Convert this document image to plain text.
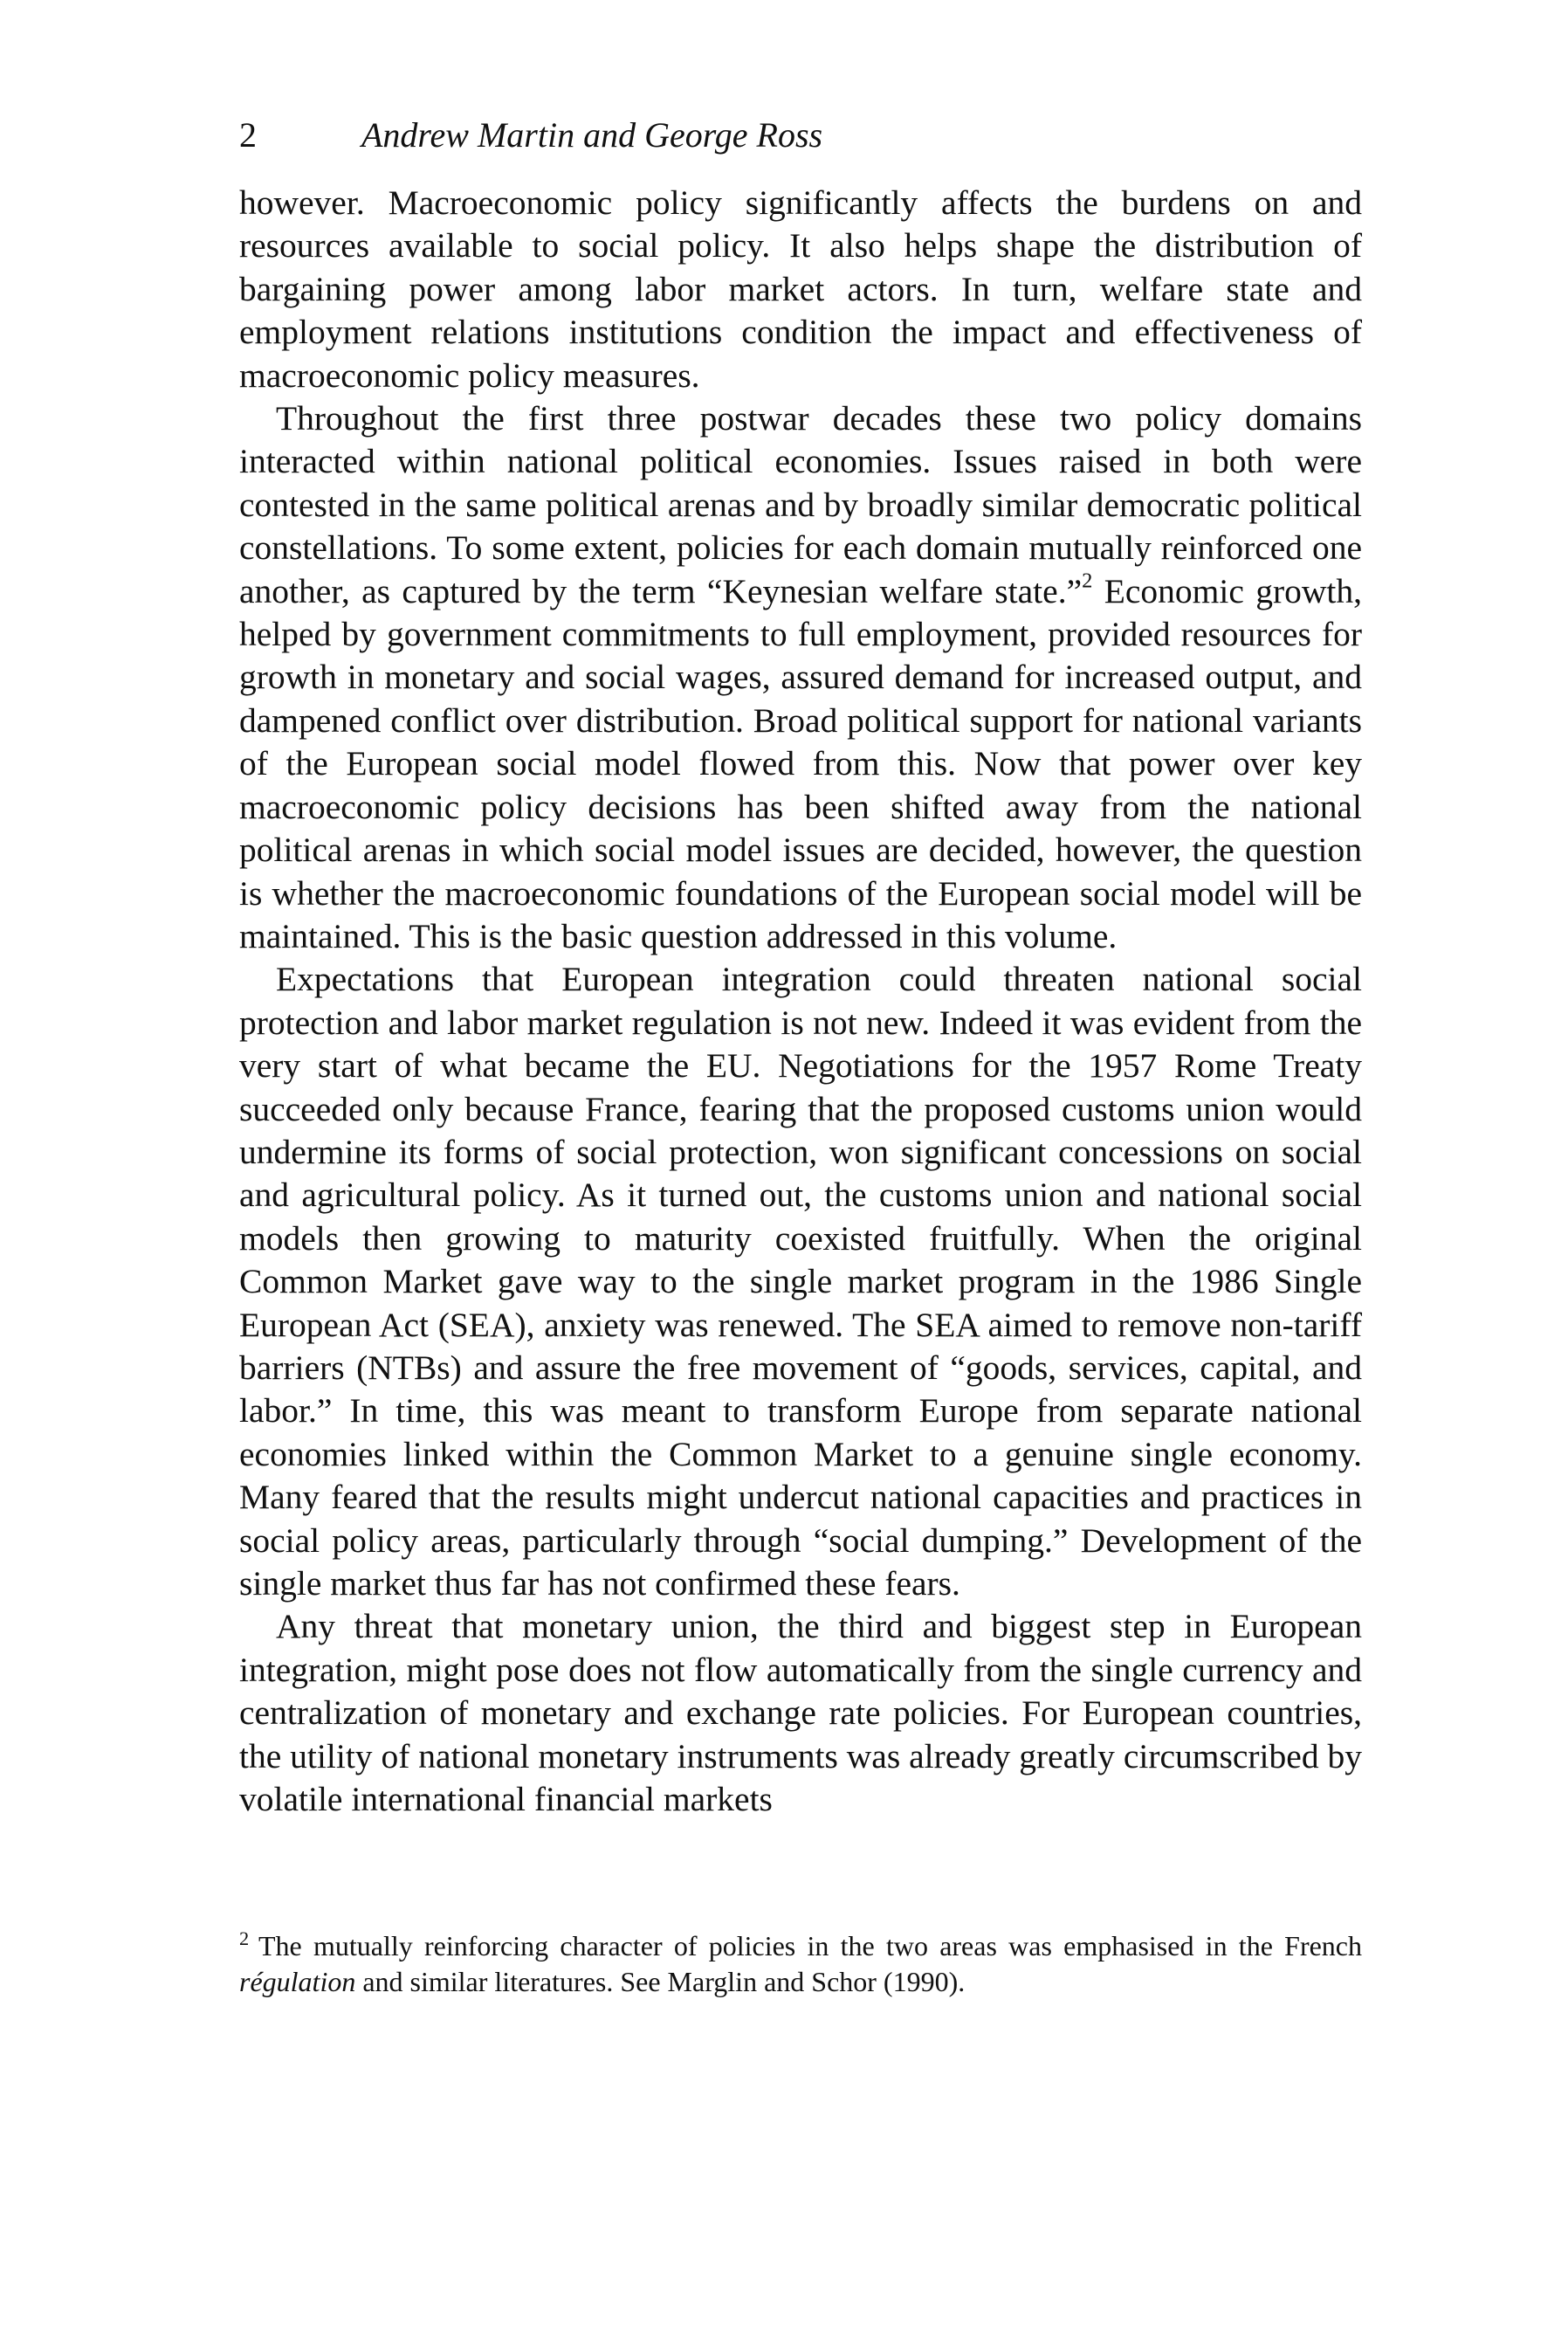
2	Andrew Martin and George Ross

however. Macroeconomic policy significantly affects the burdens on and resources available to social policy. It also helps shape the distribution of bargaining power among labor market actors. In turn, welfare state and employment relations institutions condition the impact and effectiveness of macroeconomic policy measures.

Throughout the first three postwar decades these two policy domains interacted within national political economies. Issues raised in both were contested in the same political arenas and by broadly similar democratic political constellations. To some extent, policies for each domain mutually reinforced one another, as captured by the term “Keynesian welfare state.”$^2$ Economic growth, helped by government commitments to full employment, provided resources for growth in monetary and social wages, assured demand for increased output, and dampened conflict over distribution. Broad political support for national variants of the European social model flowed from this. Now that power over key macroeconomic policy decisions has been shifted away from the national political arenas in which social model issues are decided, however, the question is whether the macroeconomic foundations of the European social model will be maintained. This is the basic question addressed in this volume.

Expectations that European integration could threaten national social protection and labor market regulation is not new. Indeed it was evident from the very start of what became the EU. Negotiations for the 1957 Rome Treaty succeeded only because France, fearing that the proposed customs union would undermine its forms of social protection, won significant concessions on social and agricultural policy. As it turned out, the customs union and national social models then growing to maturity coexisted fruitfully. When the original Common Market gave way to the single market program in the 1986 Single European Act (SEA), anxiety was renewed. The SEA aimed to remove non-tariff barriers (NTBs) and assure the free movement of “goods, services, capital, and labor.” In time, this was meant to transform Europe from separate national economies linked within the Common Market to a genuine single economy. Many feared that the results might undercut national capacities and practices in social policy areas, particularly through “social dumping.” Development of the single market thus far has not confirmed these fears.

Any threat that monetary union, the third and biggest step in European integration, might pose does not flow automatically from the single currency and centralization of monetary and exchange rate policies. For European countries, the utility of national monetary instruments was already greatly circumscribed by volatile international financial markets

2 The mutually reinforcing character of policies in the two areas was emphasised in the French régulation and similar literatures. See Marglin and Schor (1990).
